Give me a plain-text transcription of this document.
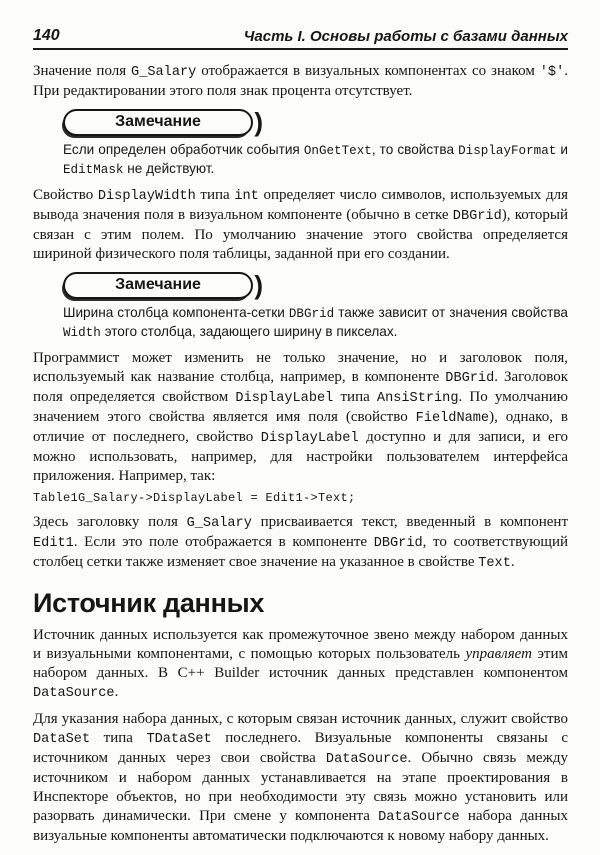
140	Часть I. Основы работы с базами данных

Значение поля G_Salary отображается в визуальных компонентах со знаком '$'. При редактировании этого поля знак процента отсутствует.

Замечание )

Если определен обработчик события OnGetText, то свойства DisplayFormat и EditMask не действуют.

Свойство DisplayWidth типа int определяет число символов, используемых для вывода значения поля в визуальном компоненте (обычно в сетке DBGrid), который связан с этим полем. По умолчанию значение этого свойства определяется шириной физического поля таблицы, заданной при его создании.

Замечание )

Ширина столбца компонента-сетки DBGrid также зависит от значения свойства Width этого столбца, задающего ширину в пикселах.

Программист может изменить не только значение, но и заголовок поля, используемый как название столбца, например, в компоненте DBGrid. Заголовок поля определяется свойством DisplayLabel типа AnsiString. По умолчанию значением этого свойства является имя поля (свойство FieldName), однако, в отличие от последнего, свойство DisplayLabel доступно и для записи, и его можно использовать, например, для настройки пользователем интерфейса приложения. Например, так:

Table1G_Salary->DisplayLabel = Edit1->Text;

Здесь заголовку поля G_Salary присваивается текст, введенный в компонент Edit1. Если это поле отображается в компоненте DBGrid, то соответствующий столбец сетки также изменяет свое значение на указанное в свойстве Text.

Источник данных

Источник данных используется как промежуточное звено между набором данных и визуальными компонентами, с помощью которых пользователь управляет этим набором данных. В C++ Builder источник данных представлен компонентом DataSource.

Для указания набора данных, с которым связан источник данных, служит свойство DataSet типа TDataSet последнего. Визуальные компоненты связаны с источником данных через свои свойства DataSource. Обычно связь между источником и набором данных устанавливается на этапе проектирования в Инспекторе объектов, но при необходимости эту связь можно установить или разорвать динамически. При смене у компонента DataSource набора данных визуальные компоненты автоматически подключаются к новому набору данных.
